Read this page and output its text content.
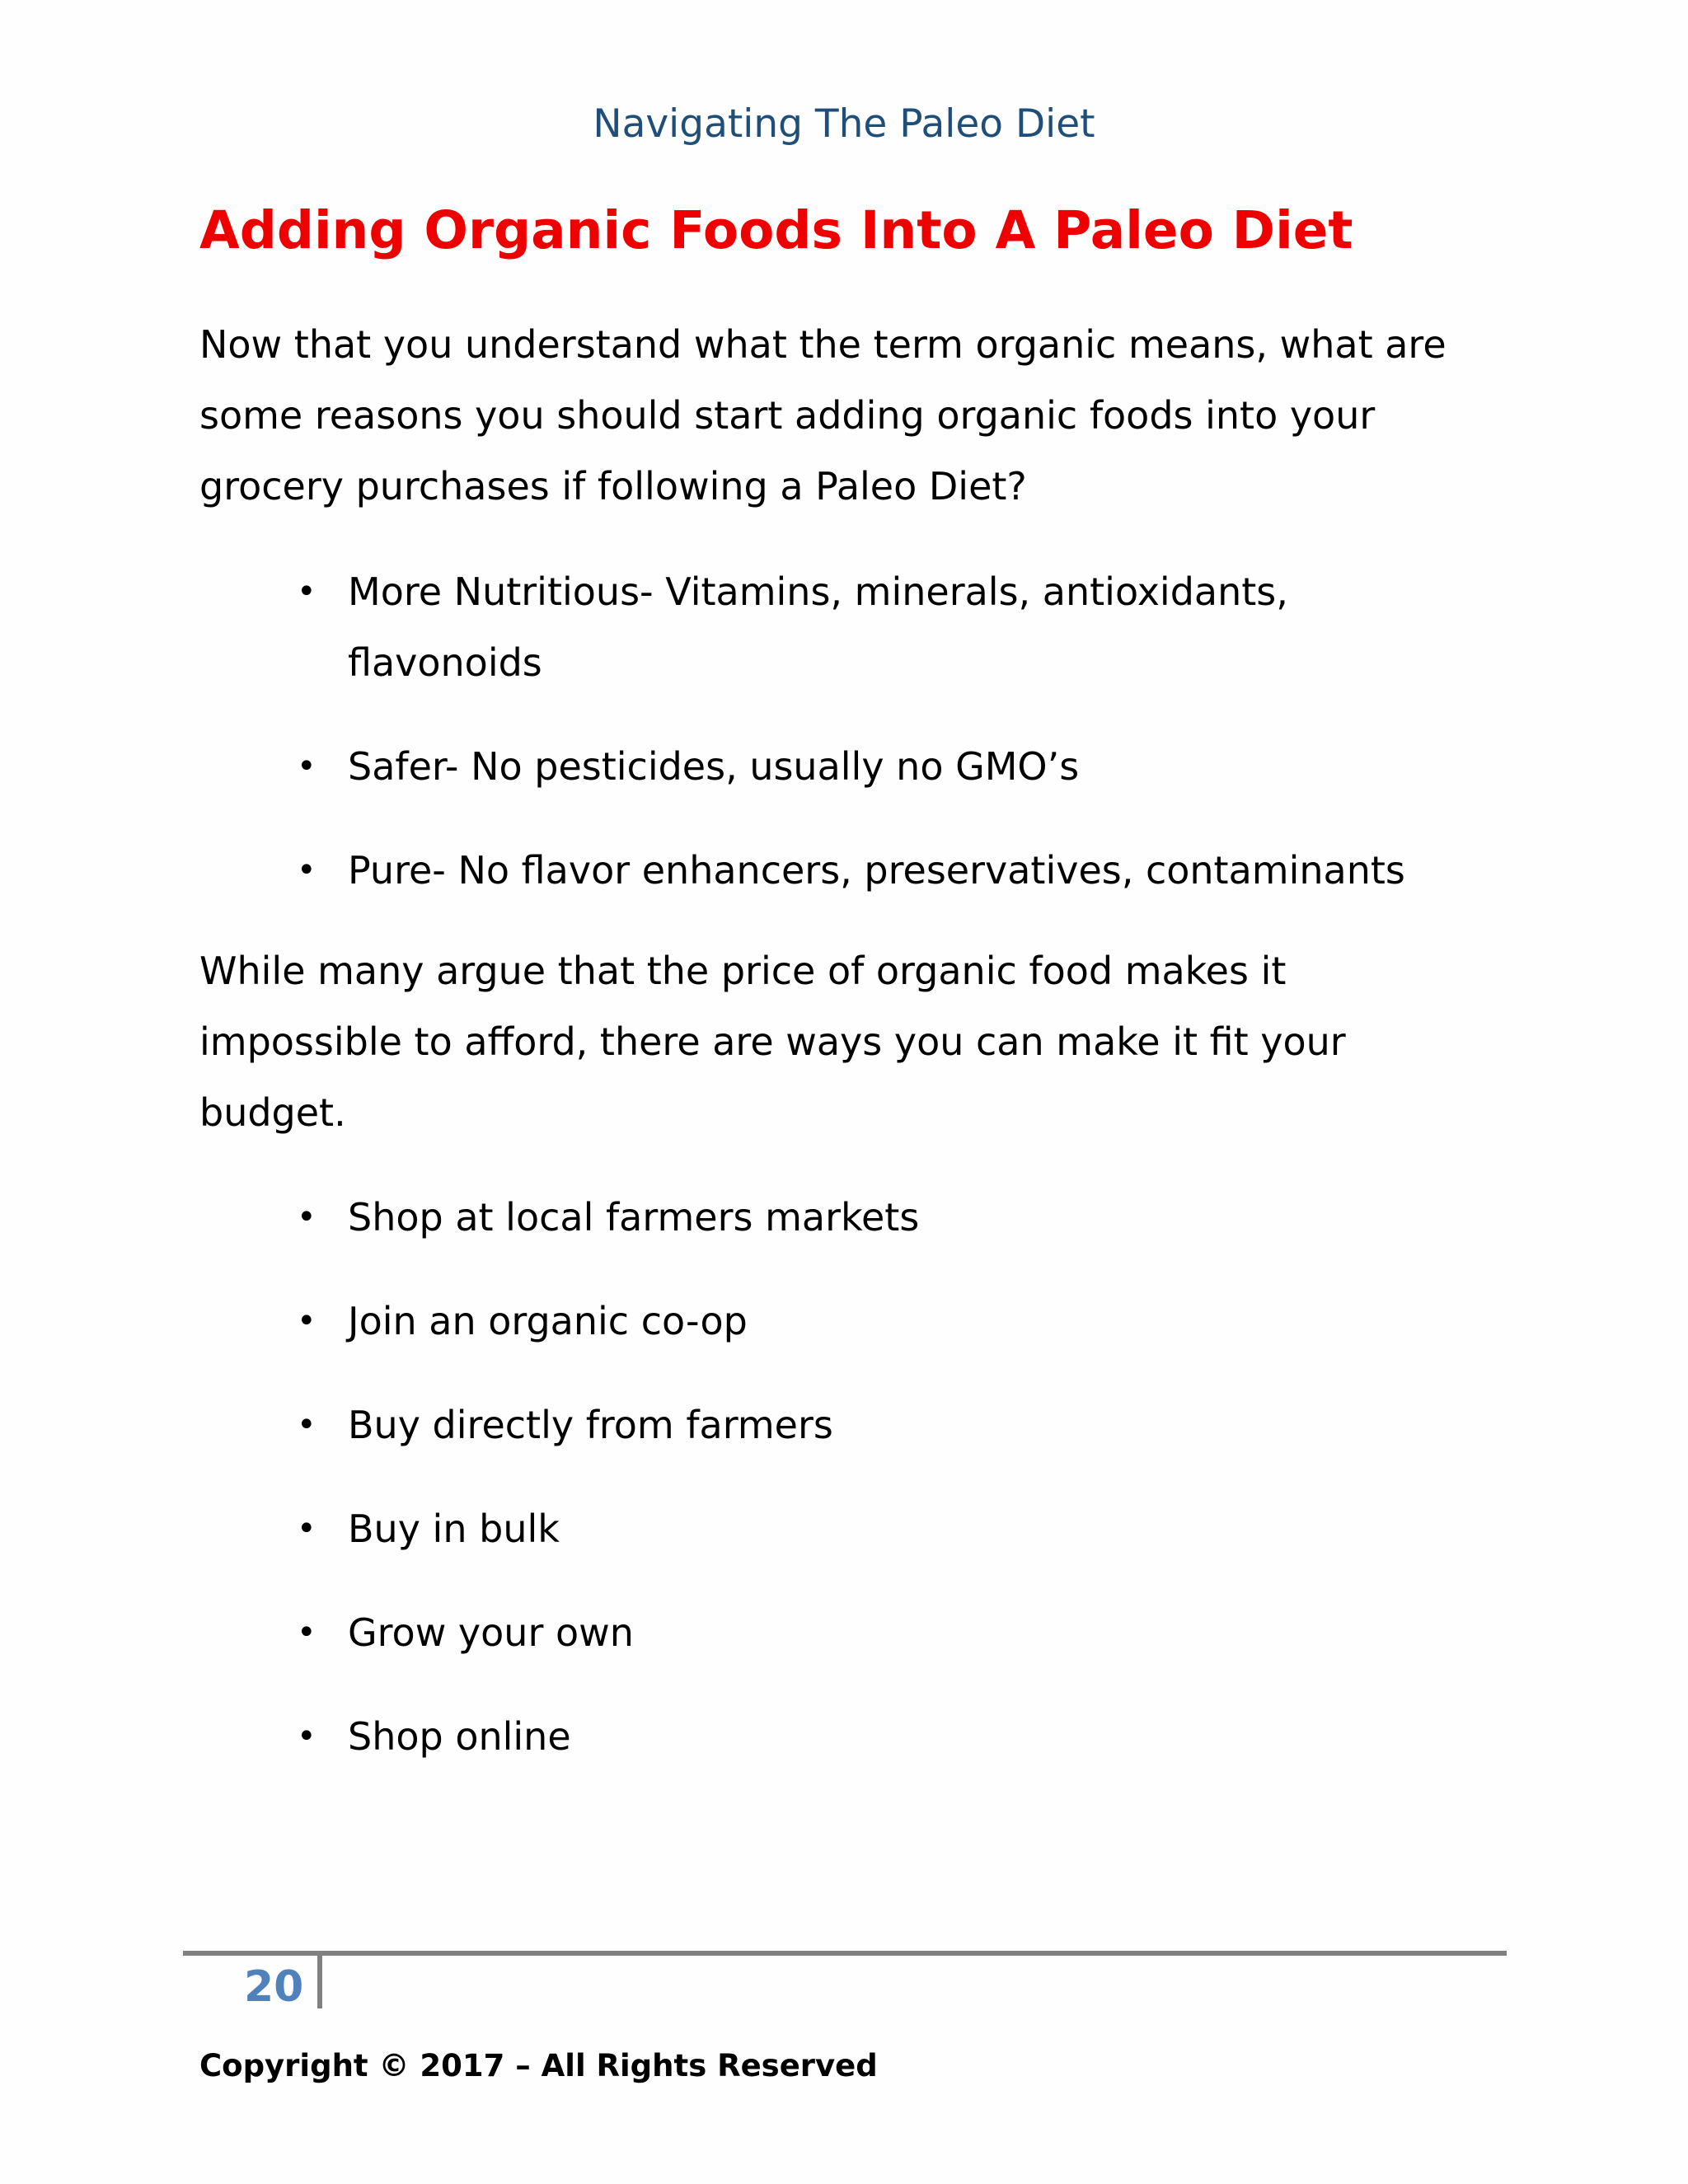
Navigating The Paleo Diet
Adding Organic Foods Into A Paleo Diet

Now that you understand what the term organic means, what are
some reasons you should start adding organic foods into your
grocery purchases if following a Paleo Diet?

• More Nutritious- Vitamins, minerals, antioxidants,
flavonoids
• Safer- No pesticides, usually no GMO’s
• Pure- No flavor enhancers, preservatives, contaminants

While many argue that the price of organic food makes it
impossible to afford, there are ways you can make it fit your
budget.

• Shop at local farmers markets
• Join an organic co-op
• Buy directly from farmers
• Buy in bulk
• Grow your own
• Shop online
20
Copyright © 2017 – All Rights Reserved
